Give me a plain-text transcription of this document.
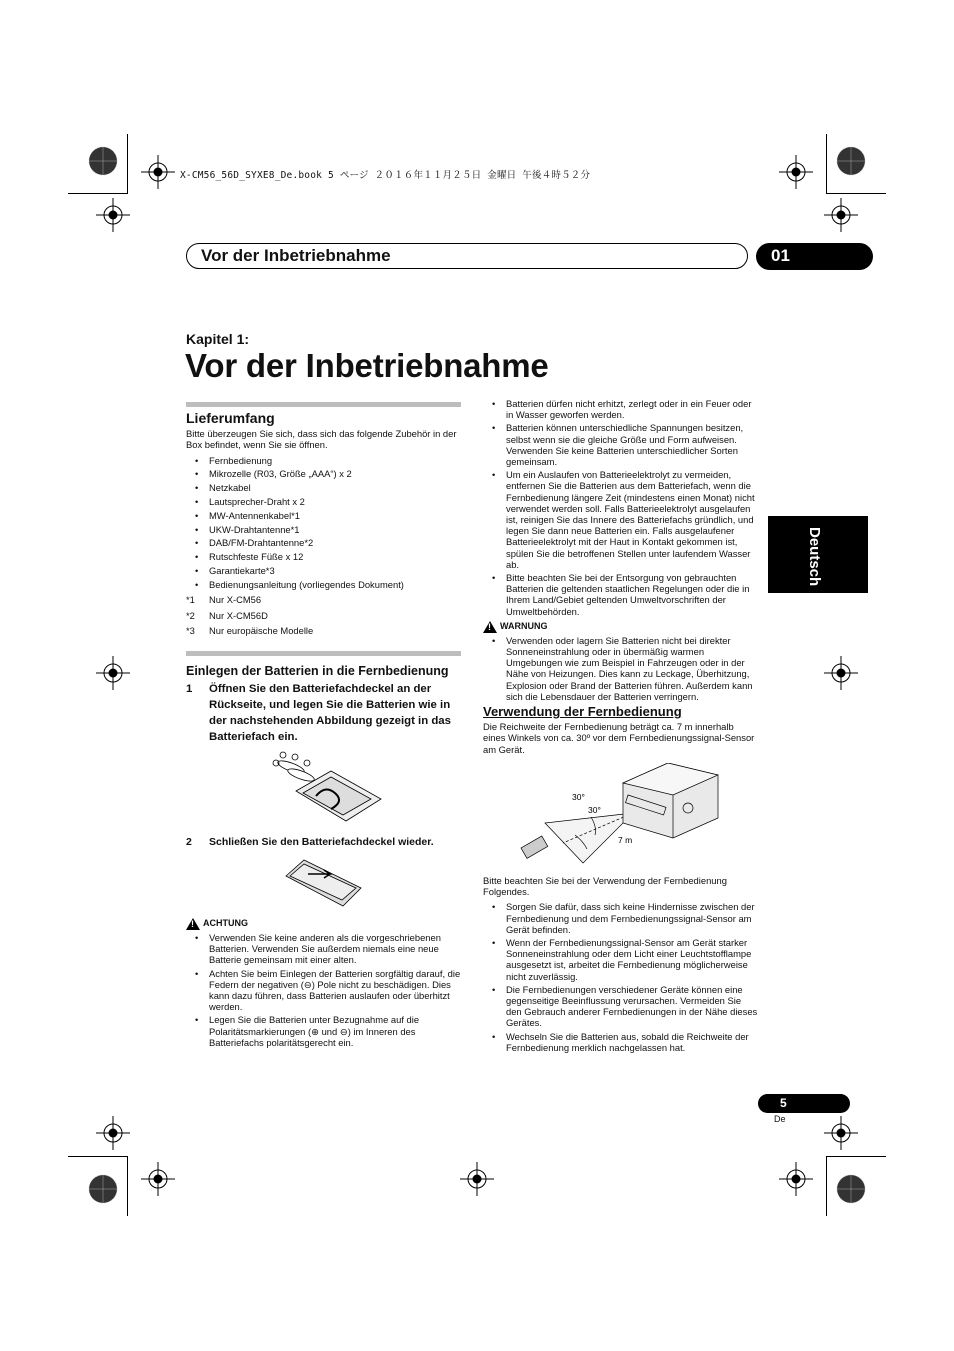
X-CM56_56D_SYXE8_De.book 5 ページ ２０１６年１１月２５日 金曜日 午後４時５２分
Vor der Inbetriebnahme	01
Kapitel 1:
Vor der Inbetriebnahme
Deutsch
Lieferumfang

Bitte überzeugen Sie sich, dass sich das folgende Zubehör in der Box befindet, wenn Sie sie öffnen.

• Fernbedienung
• Mikrozelle (R03, Größe „AAA“) x 2
• Netzkabel
• Lautsprecher-Draht x 2
• MW-Antennenkabel*1
• UKW-Drahtantenne*1
• DAB/FM-Drahtantenne*2
• Rutschfeste Füße x 12
• Garantiekarte*3
• Bedienungsanleitung (vorliegendes Dokument)
*1	Nur X-CM56
*2	Nur X-CM56D
*3	Nur europäische Modelle
Einlegen der Batterien in die Fernbedienung
1	Öffnen Sie den Batteriefachdeckel an der Rückseite, und legen Sie die Batterien wie in der nachstehenden Abbildung gezeigt in das Batteriefach ein.
2	Schließen Sie den Batteriefachdeckel wieder.
!
ACHTUNG
• Verwenden Sie keine anderen als die vorgeschriebenen Batterien. Verwenden Sie außerdem niemals eine neue Batterie gemeinsam mit einer alten.
• Achten Sie beim Einlegen der Batterien sorgfältig darauf, die Federn der negativen (⊖) Pole nicht zu beschädigen. Dies kann dazu führen, dass Batterien auslaufen oder überhitzt werden.
• Legen Sie die Batterien unter Bezugnahme auf die Polaritätsmarkierungen (⊕ und ⊖) im Inneren des Batteriefachs polaritätsgerecht ein.
• Batterien dürfen nicht erhitzt, zerlegt oder in ein Feuer oder in Wasser geworfen werden.
• Batterien können unterschiedliche Spannungen besitzen, selbst wenn sie die gleiche Größe und Form aufweisen. Verwenden Sie keine Batterien unterschiedlicher Sorten gemeinsam.
• Um ein Auslaufen von Batterieelektrolyt zu vermeiden, entfernen Sie die Batterien aus dem Batteriefach, wenn die Fernbedienung längere Zeit (mindestens einen Monat) nicht verwendet werden soll. Falls Batterieelektrolyt ausgelaufen ist, reinigen Sie das Innere des Batteriefachs gründlich, und legen Sie dann neue Batterien ein. Falls ausgelaufener Batterieelektrolyt mit der Haut in Kontakt gekommen ist, spülen Sie die betroffenen Stellen unter laufendem Wasser ab.
• Bitte beachten Sie bei der Entsorgung von gebrauchten Batterien die geltenden staatlichen Regelungen oder die in Ihrem Land/Gebiet geltenden Umweltvorschriften der Umweltbehörden.
!
WARNUNG
• Verwenden oder lagern Sie Batterien nicht bei direkter Sonneneinstrahlung oder in übermäßig warmen Umgebungen wie zum Beispiel in Fahrzeugen oder in der Nähe von Heizungen. Dies kann zu Leckage, Überhitzung, Explosion oder Brand der Batterien führen. Außerdem kann sich die Lebensdauer der Batterien verringern.
Verwendung der Fernbedienung

Die Reichweite der Fernbedienung beträgt ca. 7 m innerhalb eines Winkels von ca. 30º vor dem Fernbedienungssignal-Sensor am Gerät.

30°
30°
7 m

Bitte beachten Sie bei der Verwendung der Fernbedienung Folgendes.

• Sorgen Sie dafür, dass sich keine Hindernisse zwischen der Fernbedienung und dem Fernbedienungssignal-Sensor am Gerät befinden.
• Wenn der Fernbedienungssignal-Sensor am Gerät starker Sonneneinstrahlung oder dem Licht einer Leuchtstofflampe ausgesetzt ist, arbeitet die Fernbedienung möglicherweise nicht zuverlässig.
• Die Fernbedienungen verschiedener Geräte können eine gegenseitige Beeinflussung verursachen. Vermeiden Sie den Gebrauch anderer Fernbedienungen in der Nähe dieses Gerätes.
• Wechseln Sie die Batterien aus, sobald die Reichweite der Fernbedienung merklich nachgelassen hat.
5
De
